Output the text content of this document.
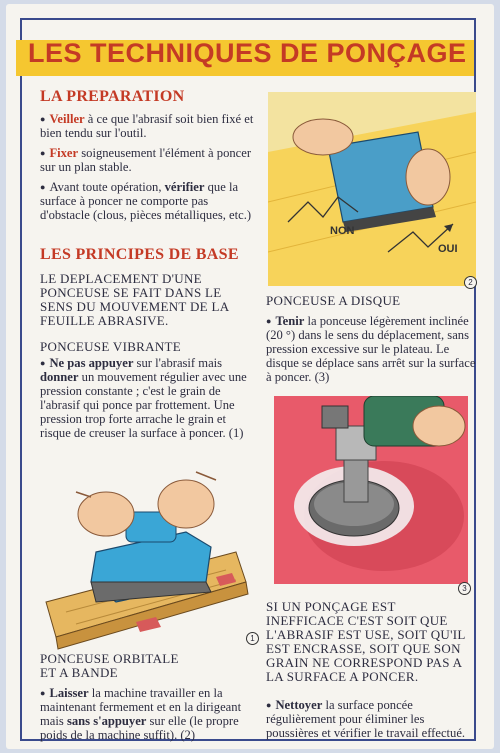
LES TECHNIQUES DE PONÇAGE
LA PREPARATION

● Veiller à ce que l'abrasif soit bien fixé et bien tendu sur l'outil.

● Fixer soigneusement l'élément à poncer sur un plan stable.

● Avant toute opération, vérifier que la surface à poncer ne comporte pas d'obstacle (clous, pièces métalliques, etc.)

LES PRINCIPES DE BASE

LE DEPLACEMENT D'UNE PONCEUSE SE FAIT DANS LE SENS DU MOUVEMENT DE LA FEUILLE ABRASIVE.

PONCEUSE VIBRANTE

● Ne pas appuyer sur l'abrasif mais donner un mouvement régulier avec une pression constante ; c'est le grain de l'abrasif qui ponce par frottement. Une pression trop forte arrache le grain et risque de creuser la surface à poncer. (1)

1

PONCEUSE ORBITALE

ET A BANDE

● Laisser la machine travailler en la maintenant fermement et en la dirigeant mais sans s'appuyer sur elle (le propre poids de la machine suffit). (2)

NON
OUI
2

PONCEUSE A DISQUE

● Tenir la ponceuse légèrement inclinée (20 °) dans le sens du déplacement, sans pression excessive sur le plateau. Le disque se déplace sans arrêt sur la surface à poncer. (3)

3

SI UN PONÇAGE EST INEFFICACE C'EST SOIT QUE L'ABRASIF EST USE, SOIT QU'IL EST ENCRASSE, SOIT QUE SON GRAIN NE CORRESPOND PAS A LA SURFACE A PONCER.

● Nettoyer la surface poncée régulièrement pour éliminer les poussières et vérifier le travail effectué.
